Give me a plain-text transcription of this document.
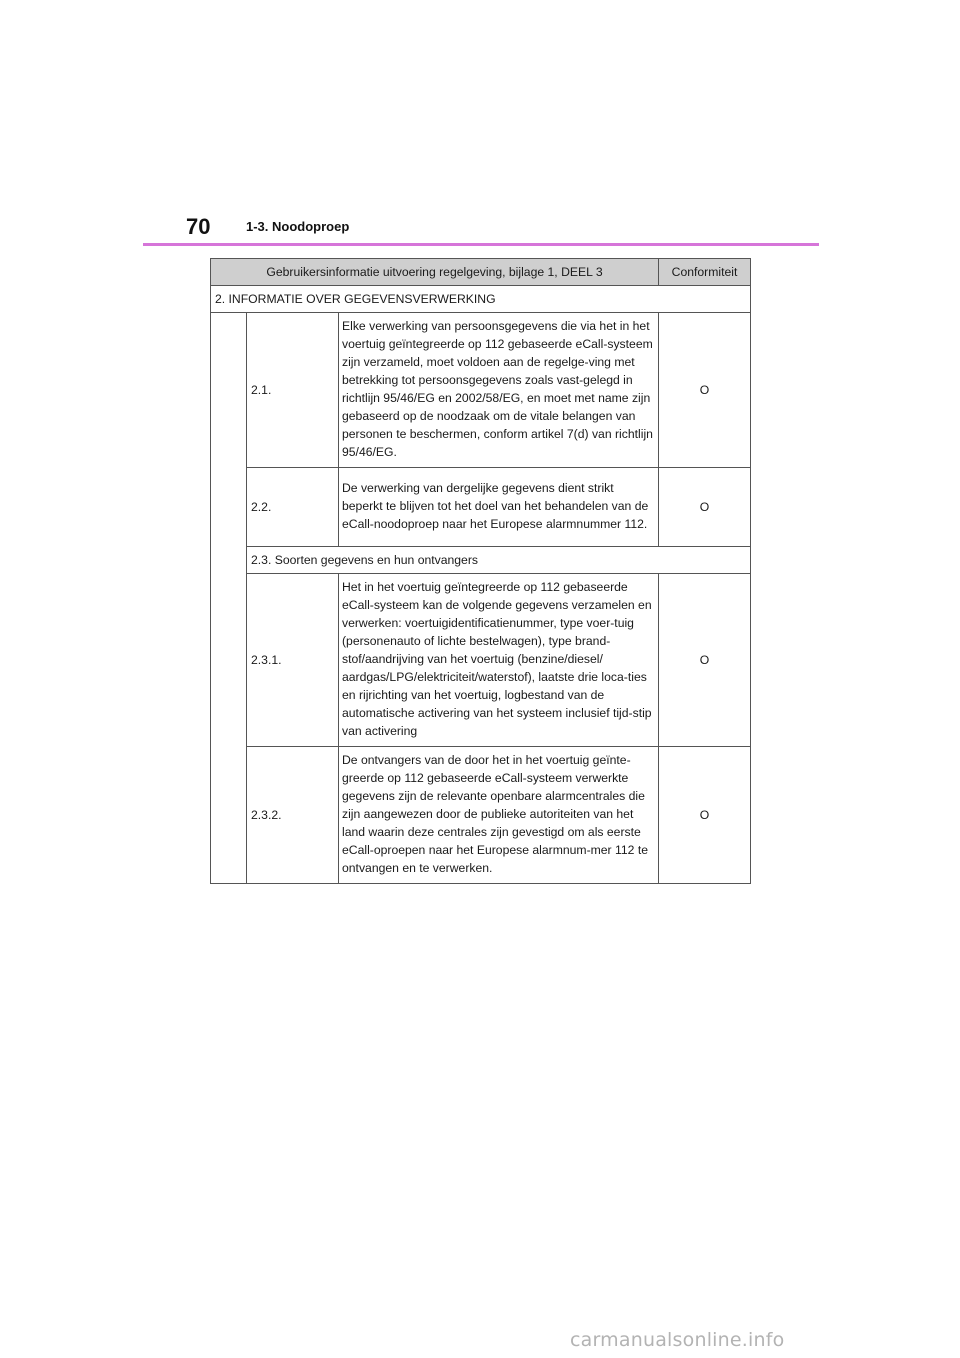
70	1-3. Noodoproep
Gebruikersinformatie uitvoering regelgeving, bijlage 1, DEEL 3			Conformiteit
2. INFORMATIE OVER GEGEVENSVERWERKING			
	2.1.	Elke verwerking van persoonsgegevens die via het in het voertuig geïntegreerde op 112 gebaseerde eCall-systeem zijn verzameld, moet voldoen aan de regelge-ving met betrekking tot persoonsgegevens zoals vast-gelegd in richtlijn 95/46/EG en 2002/58/EG, en moet met name zijn gebaseerd op de noodzaak om de vitale belangen van personen te beschermen, conform artikel 7(d) van richtlijn 95/46/EG.	O
	2.2.	De verwerking van dergelijke gegevens dient strikt beperkt te blijven tot het doel van het behandelen van de eCall-noodoproep naar het Europese alarmnummer 112.	O
	2.3. Soorten gegevens en hun ontvangers		
	2.3.1.	Het in het voertuig geïntegreerde op 112 gebaseerde eCall-systeem kan de volgende gegevens verzamelen en verwerken: voertuigidentificatienummer, type voer-tuig (personenauto of lichte bestelwagen), type brand-stof/aandrijving van het voertuig (benzine/diesel/ aardgas/LPG/elektriciteit/waterstof), laatste drie loca-ties en rijrichting van het voertuig, logbestand van de automatische activering van het systeem inclusief tijd-stip van activering	O
	2.3.2.	De ontvangers van de door het in het voertuig geïnte-greerde op 112 gebaseerde eCall-systeem verwerkte gegevens zijn de relevante openbare alarmcentrales die zijn aangewezen door de publieke autoriteiten van het land waarin deze centrales zijn gevestigd om als eerste eCall-oproepen naar het Europese alarmnum-mer 112 te ontvangen en te verwerken.	O
carmanualsonline.info
